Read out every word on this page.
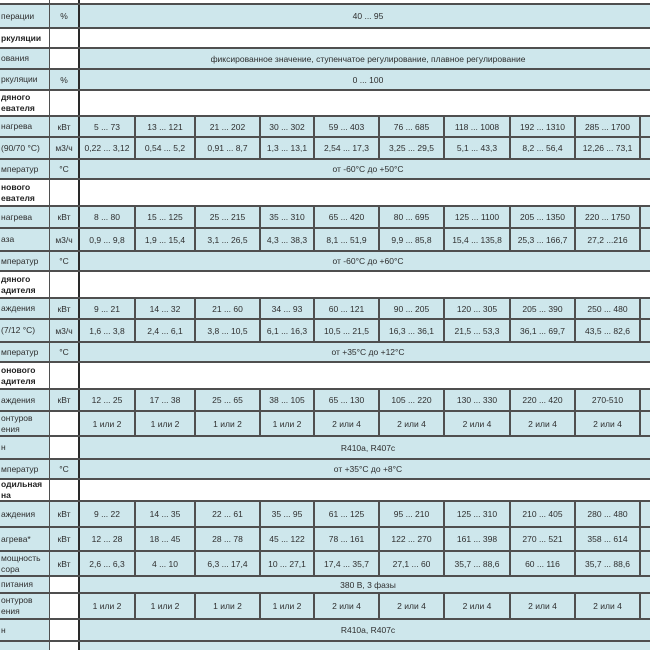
перации	%	40 ... 95
ркуляции
ования	фиксированное значение, ступенчатое регулирование, плавное регулирование
ркуляции	%	0 ... 100
дяного
евателя
нагрева	кВт	5 ... 73	13 ... 121	21 ... 202	30 ... 302	59 ... 403	76 ... 685	118 ... 1008	192 ... 1310	285 ... 1700
(90/70 °С)	м3/ч	0,22 ... 3,12	0,54 ... 5,2	0,91 ... 8,7	1,3 ... 13,1	2,54 ... 17,3	3,25 ... 29,5	5,1 ... 43,3	8,2 ... 56,4	12,26 ... 73,1
мператур	°С	от -60°С до +50°С
нового
евателя
нагрева	кВт	8 ... 80	15 ... 125	25 ... 215	35 ... 310	65 ... 420	80 ... 695	125 ... 1100	205 ... 1350	220 ... 1750
аза	м3/ч	0,9 ... 9,8	1,9 ... 15,4	3,1 ... 26,5	4,3 ... 38,3	8,1 ... 51,9	9,9 ... 85,8	15,4 ... 135,8	25,3 ... 166,7	27,2 ...216
мператур	°С	от -60°С до +60°С
дяного
адителя
аждения	кВт	9 ... 21	14 ... 32	21 ... 60	34 ... 93	60 ... 121	90 ... 205	120 ... 305	205 ... 390	250 ... 480
(7/12 °С)	м3/ч	1,6 ... 3,8	2,4 ... 6,1	3,8 ... 10,5	6,1 ... 16,3	10,5 ... 21,5	16,3 ... 36,1	21,5 ... 53,3	36,1 ... 69,7	43,5 ... 82,6
мператур	°С	от +35°С до +12°С
онового
адителя
аждения	кВт	12 ... 25	17 ... 38	25 ... 65	38 ... 105	65 ... 130	105 ... 220	130 ... 330	220 ... 420	270-510
онтуров
ения	1 или 2	1 или 2	1 или 2	1 или 2	2 или 4	2 или 4	2 или 4	2 или 4	2 или 4
н	R410a, R407c
мператур	°С	от +35°С до +8°С
одильная
на
аждения	кВт	9 ... 22	14 ... 35	22 ... 61	35 ... 95	61 ... 125	95 ... 210	125 ... 310	210 ... 405	280 ... 480
агрева*	кВт	12 ... 28	18 ... 45	28 ... 78	45 ... 122	78 ... 161	122 ... 270	161 ... 398	270 ... 521	358 ... 614
мощность
сора	кВт	2,6 ... 6,3	4 ... 10	6,3 ... 17,4	10 ... 27,1	17,4 ... 35,7	27,1 ... 60	35,7 ... 88,6	60 ... 116	35,7 ... 88,6
питания	380 В, 3 фазы
онтуров
ения	1 или 2	1 или 2	1 или 2	1 или 2	2 или 4	2 или 4	2 или 4	2 или 4	2 или 4
н	R410a, R407c
